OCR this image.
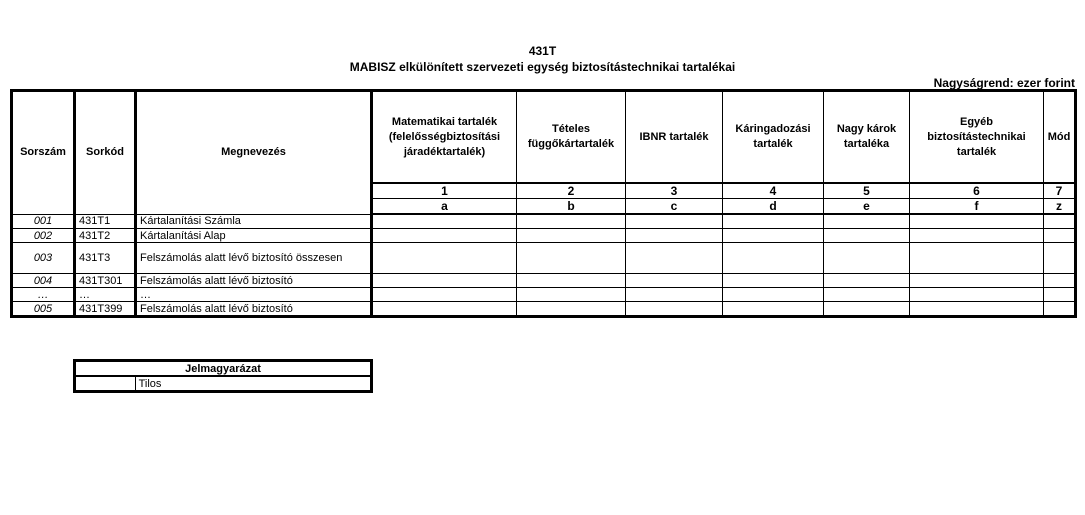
431T
MABISZ elkülönített szervezeti egység biztosítástechnikai tartalékai
Nagyságrend: ezer forint
Sorszám	Sorkód	Megnevezés	Matematikai tartalék (felelősségbiztosítási járadéktartalék)	Tételes függőkártartalék	IBNR tartalék	Káringadozási tartalék	Nagy károk tartaléka	Egyéb biztosítástechnikai tartalék	Mód
			1	2	3	4	5	6	7
			a	b	c	d	e	f	z
001	431T1	Kártalanítási Számla							
002	431T2	Kártalanítási Alap							
003	431T3	Felszámolás alatt lévő biztosító összesen							
004	431T301	Felszámolás alatt lévő biztosító							
…	…	…							
005	431T399	Felszámolás alatt lévő biztosító							
Jelmagyarázat
	Tilos
